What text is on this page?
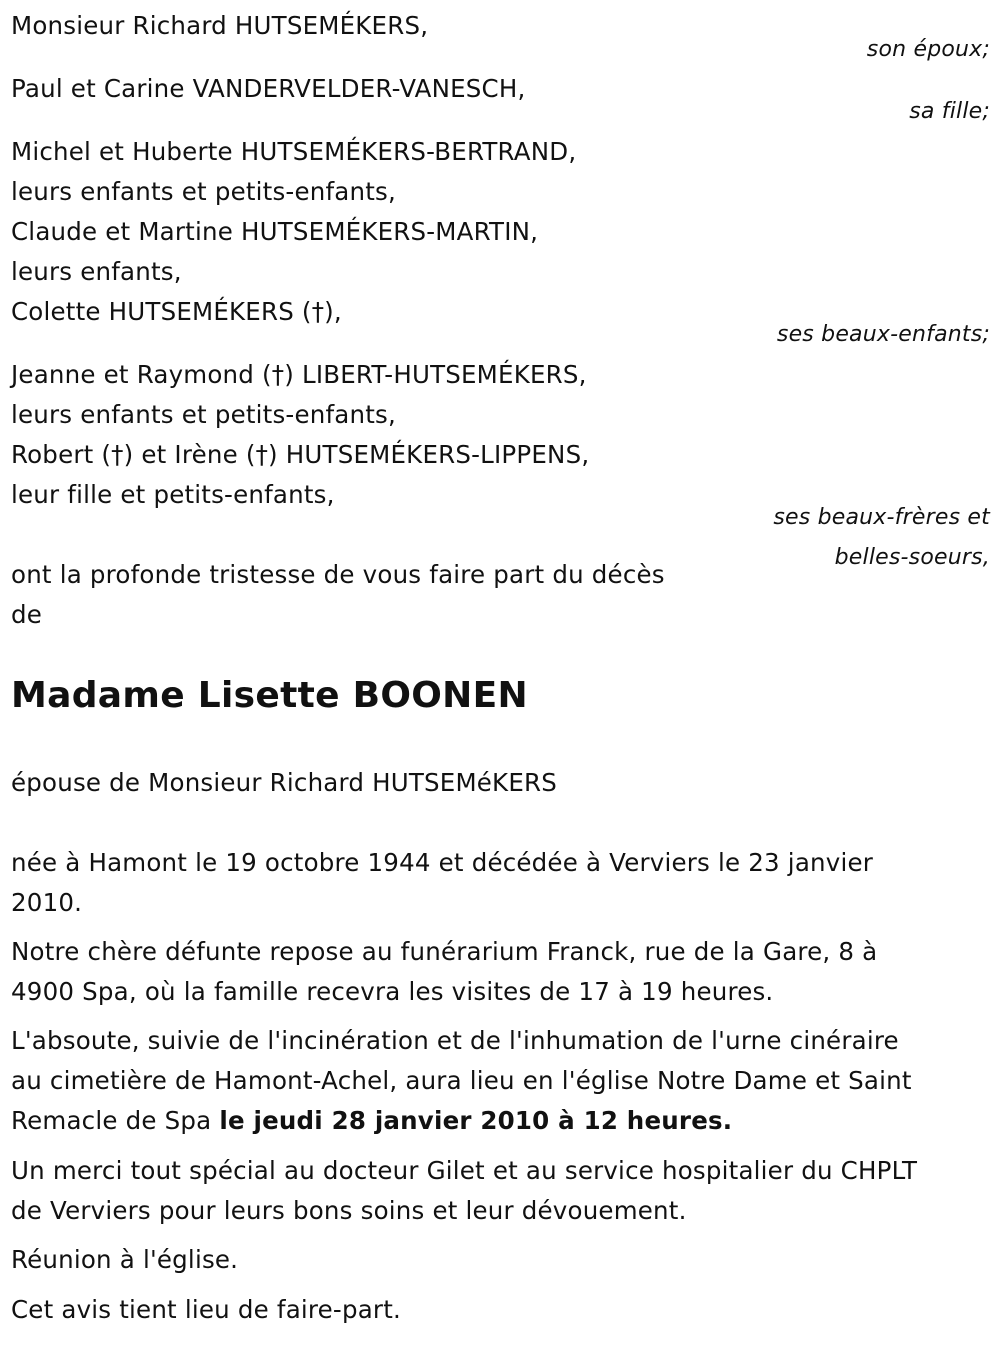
Monsieur Richard HUTSEMÉKERS,
son époux;
Paul et Carine VANDERVELDER-VANESCH,
sa fille;
Michel et Huberte HUTSEMÉKERS-BERTRAND,
leurs enfants et petits-enfants,
Claude et Martine HUTSEMÉKERS-MARTIN,
leurs enfants,
Colette HUTSEMÉKERS (†),
ses beaux-enfants;
Jeanne et Raymond (†) LIBERT-HUTSEMÉKERS,
leurs enfants et petits-enfants,
Robert (†) et Irène (†) HUTSEMÉKERS-LIPPENS,
leur fille et petits-enfants,
ses beaux-frères et
belles-soeurs,
ont la profonde tristesse de vous faire part du décès
de
Madame Lisette BOONEN
épouse de Monsieur Richard HUTSEMéKERS
née à Hamont le 19 octobre 1944 et décédée à Verviers le 23 janvier
2010.
Notre chère défunte repose au funérarium Franck, rue de la Gare, 8 à
4900 Spa, où la famille recevra les visites de 17 à 19 heures.
L'absoute, suivie de l'incinération et de l'inhumation de l'urne cinéraire
au cimetière de Hamont-Achel, aura lieu en l'église Notre Dame et Saint
Remacle de Spa le jeudi 28 janvier 2010 à 12 heures.
Un merci tout spécial au docteur Gilet et au service hospitalier du CHPLT
de Verviers pour leurs bons soins et leur dévouement.
Réunion à l'église.
Cet avis tient lieu de faire-part.
